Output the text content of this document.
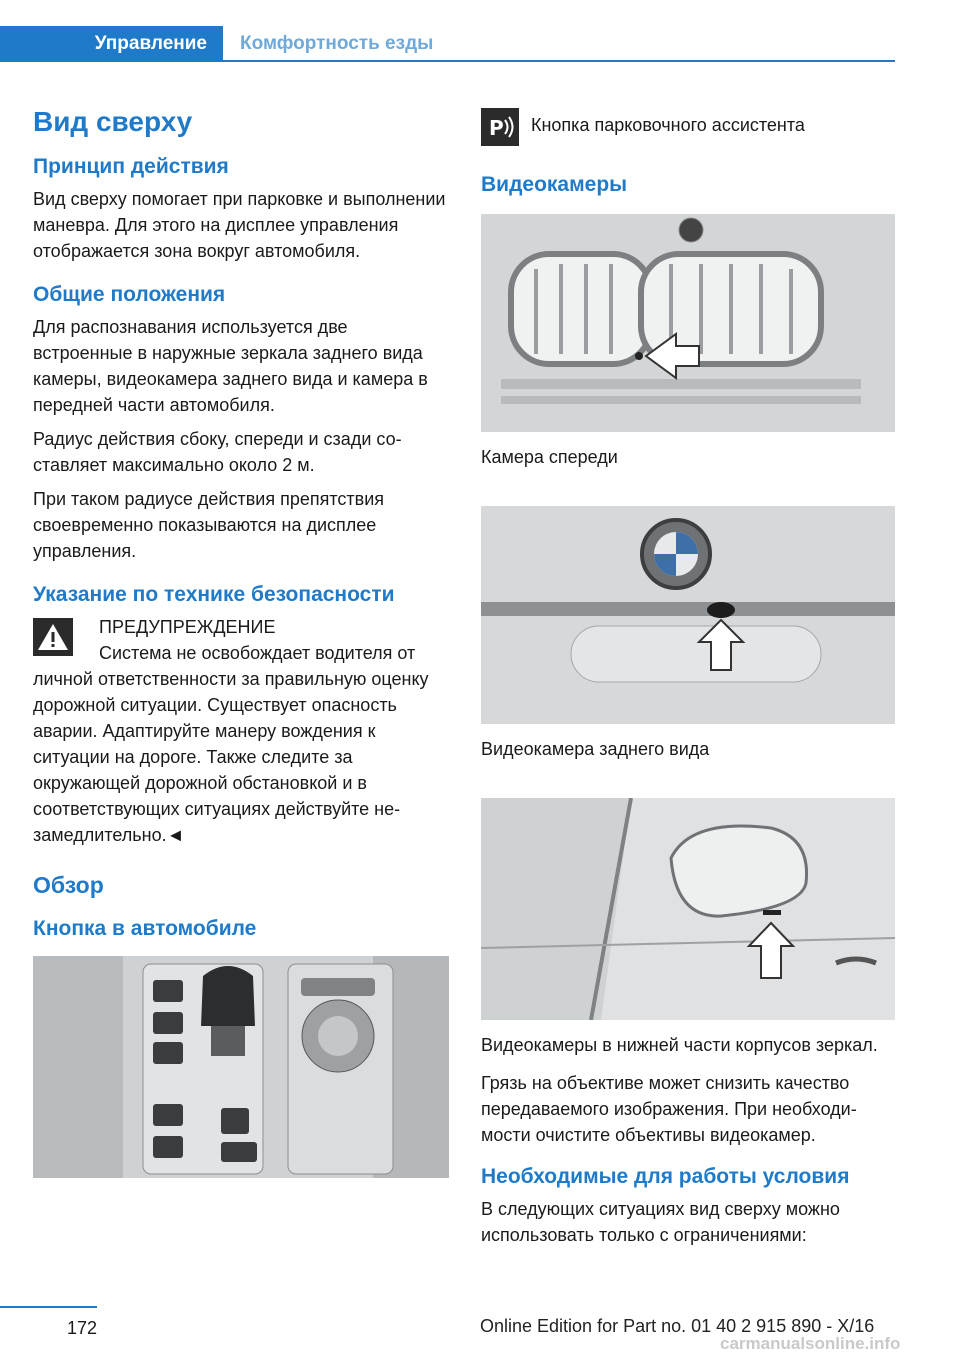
Управление	Комфортность езды
Вид сверху
Принцип действия

Вид сверху помогает при парковке и выполнении маневра. Для этого на дисплее управления отображается зона вокруг автомобиля.

Общие положения

Для распознавания используется две встроенные в наружные зеркала заднего вида камеры, видеокамера заднего вида и камера в передней части автомобиля.

Радиус действия сбоку, спереди и сзади составляет максимально около 2 м.

При таком радиусе действия препятствия своевременно показываются на дисплее управления.

Указание по технике безопасности
ПРЕДУПРЕЖДЕНИЕ

Система не освобождает водителя от личной ответственности за правильную оценку дорожной ситуации. Существует опасность аварии. Адаптируйте манеру вождения к ситуации на дороге. Также следите за окружающей дорожной обстановкой и в соответствующих ситуациях действуйте незамедлительно.◄

Обзор
Кнопка в автомобиле
P Кнопка парковочного ассистента
Видеокамеры
Камера спереди
Видеокамера заднего вида
Видеокамеры в нижней части корпусов зеркал.

Грязь на объективе может снизить качество передаваемого изображения. При необходимости очистите объективы видеокамер.

Необходимые для работы условия

В следующих ситуациях вид сверху можно использовать только с ограничениями:

172	Online Edition for Part no. 01 40 2 915 890 - X/16
carmanualsonline.info
